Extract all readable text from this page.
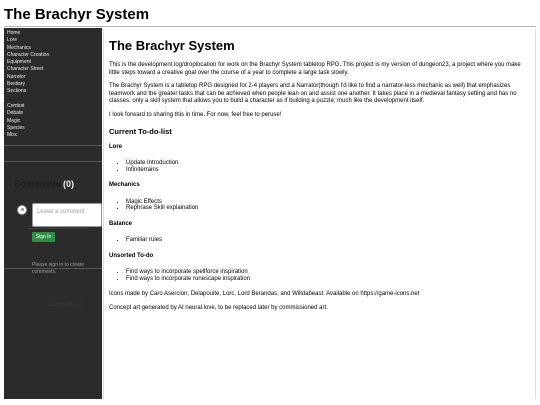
The Brachyr System
Home
Lore
Mechanics
Character Creation
Equipment
Character Sheet
Narrator
Bestiary
Sections
Combat
Debate
Magic
Species
Misc
Comments (0)
Leave a comment
Sign In
Please sign in to create comments.
Commentbox.io
The Brachyr System

This is the development log/droplocation for work on the Brachyr System tabletop RPG. This project is my version of dungeon23, a project where you make little steps toward a creative goal over the course of a year to complete a large task slowly.

The Brachyr System is a tabletop RPG designed for 2-4 players and a Narrator(though I'd like to find a narrator-less mechanic as well) that emphasizes teamwork and the greater tasks that can be achieved when people lean on and assist one another. It takes place in a medieval fantasy setting and has no classes, only a skill system that allows you to build a character as if building a puzzle; much like the development itself.

I look forward to sharing this in time. For now, feel free to peruse!

Current To-do-list
Lore
• Update Introduction
• Infiniterrains
Mechanics
• Magic Effects
• Rephrase Skill explaination
Balance
• Familiar rules
Unsorted To-do
• Find ways to incorporate spellforce inspiration
• Find ways to incorporate runescape inspiration

Icons made by Caro Asercion, Delapouite, Lorc, Lord Berandas, and Willdabeast. Available on https://game-icons.net

Concept art generated by AI neural.love, to be replaced later by commissioned art.
